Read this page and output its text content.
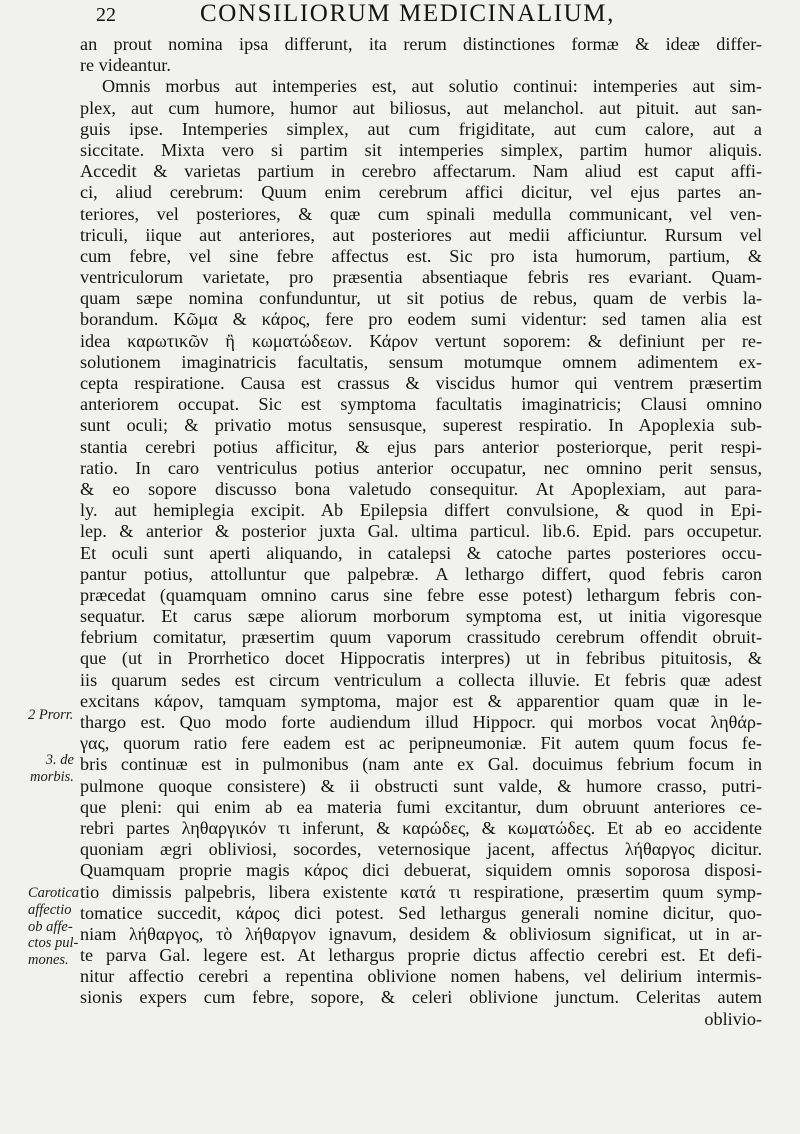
22	CONSILIORUM MEDICINALIUM,
an prout nomina ipsa differunt, ita rerum distinctiones formæ & ideæ differ-
re videantur.
Omnis morbus aut intemperies est, aut solutio continui: intemperies aut sim-
plex, aut cum humore, humor aut biliosus, aut melanchol. aut pituit. aut san-
guis ipse. Intemperies simplex, aut cum frigiditate, aut cum calore, aut a
siccitate. Mixta vero si partim sit intemperies simplex, partim humor aliquis.
Accedit & varietas partium in cerebro affectarum. Nam aliud est caput affi-
ci, aliud cerebrum: Quum enim cerebrum affici dicitur, vel ejus partes an-
teriores, vel posteriores, & quæ cum spinali medulla communicant, vel ven-
triculi, iique aut anteriores, aut posteriores aut medii afficiuntur. Rursum vel
cum febre, vel sine febre affectus est. Sic pro ista humorum, partium, &
ventriculorum varietate, pro præsentia absentiaque febris res evariant. Quam-
quam sæpe nomina confunduntur, ut sit potius de rebus, quam de verbis la-
borandum. Κῶμα & κάρος, fere pro eodem sumi videntur: sed tamen alia est
idea καρωτικῶν ἢ κωματώδεων. Κάρον vertunt soporem: & definiunt per re-
solutionem imaginatricis facultatis, sensum motumque omnem adimentem ex-
cepta respiratione. Causa est crassus & viscidus humor qui ventrem præsertim
anteriorem occupat. Sic est symptoma facultatis imaginatricis; Clausi omnino
sunt oculi; & privatio motus sensusque, superest respiratio. In Apoplexia sub-
stantia cerebri potius afficitur, & ejus pars anterior posteriorque, perit respi-
ratio. In caro ventriculus potius anterior occupatur, nec omnino perit sensus,
& eo sopore discusso bona valetudo consequitur. At Apoplexiam, aut para-
ly. aut hemiplegia excipit. Ab Epilepsia differt convulsione, & quod in Epi-
lep. & anterior & posterior juxta Gal. ultima particul. lib.6. Epid. pars occupetur.
Et oculi sunt aperti aliquando, in catalepsi & catoche partes posteriores occu-
pantur potius, attolluntur que palpebræ. A lethargo differt, quod febris caron
præcedat (quamquam omnino carus sine febre esse potest) lethargum febris con-
sequatur. Et carus sæpe aliorum morborum symptoma est, ut initia vigoresque
febrium comitatur, præsertim quum vaporum crassitudo cerebrum offendit obruit-
que (ut in Prorrhetico docet Hippocratis interpres) ut in febribus pituitosis, &
iis quarum sedes est circum ventriculum a collecta illuvie. Et febris quæ adest
excitans κάρον, tamquam symptoma, major est & apparentior quam quæ in le-
thargo est. Quo modo forte audiendum illud Hippocr. qui morbos vocat ληθάρ-
γας, quorum ratio fere eadem est ac peripneumoniæ. Fit autem quum focus fe-
bris continuæ est in pulmonibus (nam ante ex Gal. docuimus febrium focum in
pulmone quoque consistere) & ii obstructi sunt valde, & humore crasso, putri-
que pleni: qui enim ab ea materia fumi excitantur, dum obruunt anteriores ce-
rebri partes ληθαργικόν τι inferunt, & καρώδες, & κωματώδες. Et ab eo accidente
quoniam ægri obliviosi, socordes, veternosique jacent, affectus λήθαργος dicitur.
Quamquam proprie magis κάρος dici debuerat, siquidem omnis soporosa disposi-
tio dimissis palpebris, libera existente κατά τι respiratione, præsertim quum symp-
tomatice succedit, κάρος dici potest. Sed lethargus generali nomine dicitur, quo-
niam λήθαργος, τὸ λήθαργον ignavum, desidem & obliviosum significat, ut in ar-
te parva Gal. legere est. At lethargus proprie dictus affectio cerebri est. Et defi-
nitur affectio cerebri a repentina oblivione nomen habens, vel delirium intermis-
sionis expers cum febre, sopore, & celeri oblivione junctum. Celeritas autem
oblivio-
2 Prorr.
3. de
morbis.
Carotica
affectio
ob affe-
ctos pul-
mones.
